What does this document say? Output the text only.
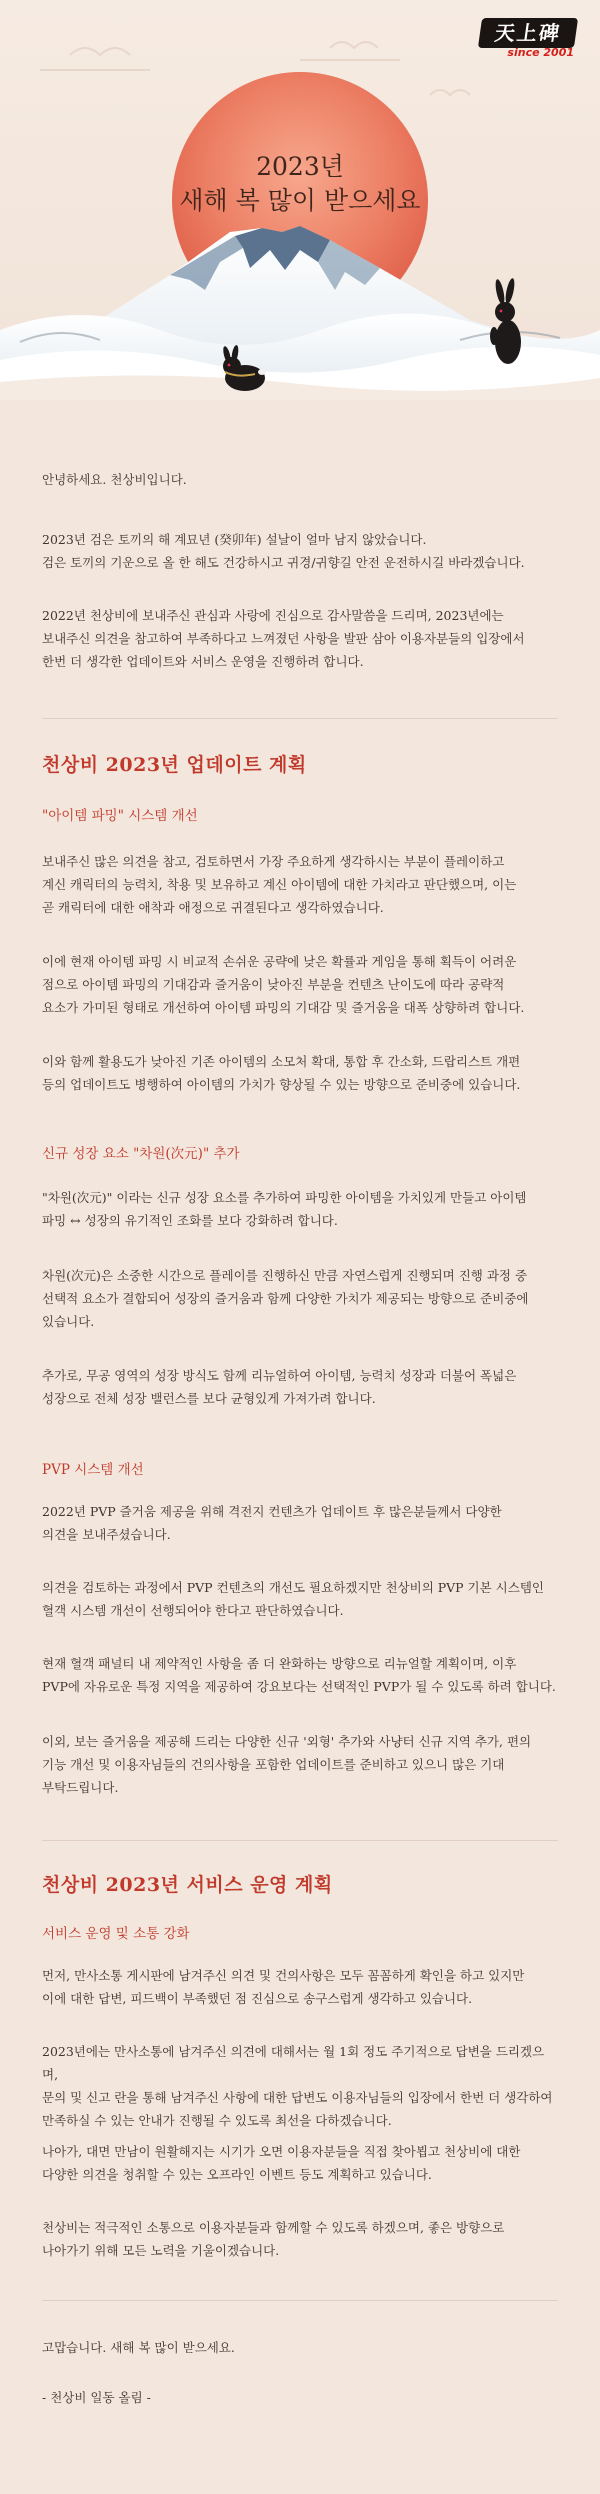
天上碑
since 2001
2023년
새해 복 많이 받으세요

안녕하세요. 천상비입니다.

2023년 검은 토끼의 해 계묘년 (癸卯年) 설날이 얼마 남지 않았습니다.
검은 토끼의 기운으로 올 한 해도 건강하시고 귀경/귀향길 안전 운전하시길 바라겠습니다.

2022년 천상비에 보내주신 관심과 사랑에 진심으로 감사말씀을 드리며, 2023년에는
보내주신 의견을 참고하여 부족하다고 느껴졌던 사항을 발판 삼아 이용자분들의 입장에서
한번 더 생각한 업데이트와 서비스 운영을 진행하려 합니다.

천상비 2023년 업데이트 계획
"아이템 파밍" 시스템 개선

보내주신 많은 의견을 참고, 검토하면서 가장 주요하게 생각하시는 부분이 플레이하고
계신 캐릭터의 능력치, 착용 및 보유하고 계신 아이템에 대한 가치라고 판단했으며, 이는
곧 캐릭터에 대한 애착과 애정으로 귀결된다고 생각하였습니다.

이에 현재 아이템 파밍 시 비교적 손쉬운 공략에 낮은 확률과 게임을 통해 획득이 어려운
점으로 아이템 파밍의 기대감과 즐거움이 낮아진 부분을 컨텐츠 난이도에 따라 공략적
요소가 가미된 형태로 개선하여 아이템 파밍의 기대감 및 즐거움을 대폭 상향하려 합니다.

이와 함께 활용도가 낮아진 기존 아이템의 소모처 확대, 통합 후 간소화, 드랍리스트 개편
등의 업데이트도 병행하여 아이템의 가치가 향상될 수 있는 방향으로 준비중에 있습니다.

신규 성장 요소 "차원(次元)" 추가

"차원(次元)" 이라는 신규 성장 요소를 추가하여 파밍한 아이템을 가치있게 만들고 아이템
파밍 ↔ 성장의 유기적인 조화를 보다 강화하려 합니다.

차원(次元)은 소중한 시간으로 플레이를 진행하신 만큼 자연스럽게 진행되며 진행 과정 중
선택적 요소가 결합되어 성장의 즐거움과 함께 다양한 가치가 제공되는 방향으로 준비중에
있습니다.

추가로, 무공 영역의 성장 방식도 함께 리뉴얼하여 아이템, 능력치 성장과 더불어 폭넓은
성장으로 전체 성장 밸런스를 보다 균형있게 가져가려 합니다.

PVP 시스템 개선

2022년 PVP 즐거움 제공을 위해 격전지 컨텐츠가 업데이트 후 많은분들께서 다양한
의견을 보내주셨습니다.

의견을 검토하는 과정에서 PVP 컨텐츠의 개선도 필요하겠지만 천상비의 PVP 기본 시스템인
혈객 시스템 개선이 선행되어야 한다고 판단하였습니다.

현재 혈객 패널티 내 제약적인 사항을 좀 더 완화하는 방향으로 리뉴얼할 계획이며, 이후
PVP에 자유로운 특정 지역을 제공하여 강요보다는 선택적인 PVP가 될 수 있도록 하려 합니다.

이외, 보는 즐거움을 제공해 드리는 다양한 신규 '외형' 추가와 사냥터 신규 지역 추가, 편의
기능 개선 및 이용자님들의 건의사항을 포함한 업데이트를 준비하고 있으니 많은 기대
부탁드립니다.

천상비 2023년 서비스 운영 계획
서비스 운영 및 소통 강화

먼저, 만사소통 게시판에 남겨주신 의견 및 건의사항은 모두 꼼꼼하게 확인을 하고 있지만
이에 대한 답변, 피드백이 부족했던 점 진심으로 송구스럽게 생각하고 있습니다.

2023년에는 만사소통에 남겨주신 의견에 대해서는 월 1회 정도 주기적으로 답변을 드리겠으며,
문의 및 신고 란을 통해 남겨주신 사항에 대한 답변도 이용자님들의 입장에서 한번 더 생각하여
만족하실 수 있는 안내가 진행될 수 있도록 최선을 다하겠습니다.

나아가, 대면 만남이 원활해지는 시기가 오면 이용자분들을 직접 찾아뵙고 천상비에 대한
다양한 의견을 청취할 수 있는 오프라인 이벤트 등도 계획하고 있습니다.

천상비는 적극적인 소통으로 이용자분들과 함께할 수 있도록 하겠으며, 좋은 방향으로
나아가기 위해 모든 노력을 기울이겠습니다.

고맙습니다. 새해 복 많이 받으세요.

- 천상비 일동 올림 -
